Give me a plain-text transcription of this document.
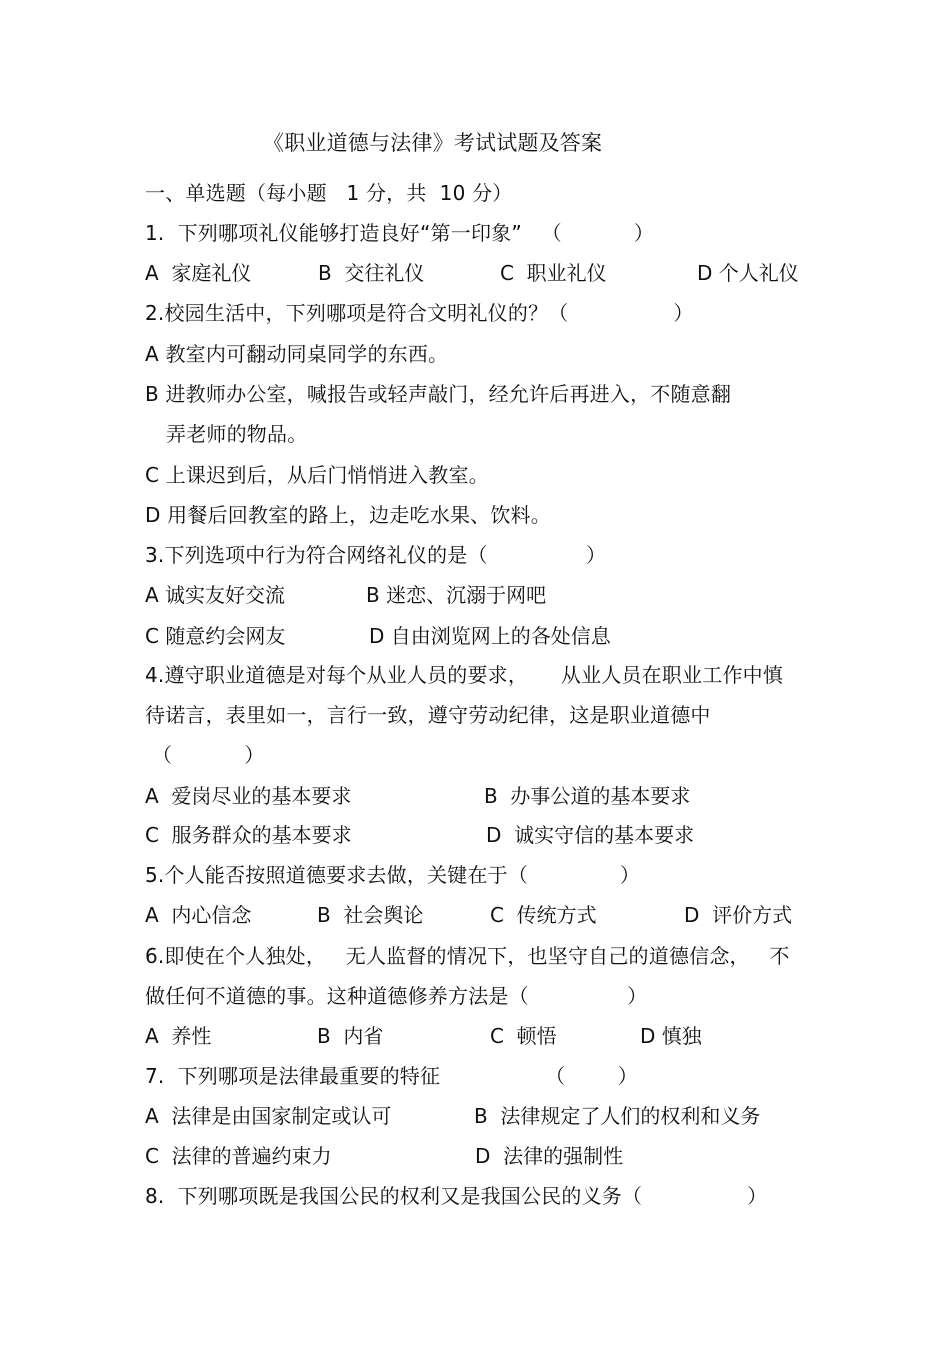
《职业道德与法律》考试试题及答案
一、单选题（每小题   1 分，共  10 分）
1.  下列哪项礼仪能够打造良好“第一印象”   （           ）
A  家庭礼仪	B  交往礼仪	C  职业礼仪	D 个人礼仪
2.校园生活中，下列哪项是符合文明礼仪的？（                ）
A 教室内可翻动同桌同学的东西。
B 进教师办公室，喊报告或轻声敲门，经允许后再进入，不随意翻
弄老师的物品。
C 上课迟到后，从后门悄悄进入教室。
D 用餐后回教室的路上，边走吃水果、饮料。
3.下列选项中行为符合网络礼仪的是（               ）
A 诚实友好交流	B 迷恋、沉溺于网吧
C 随意约会网友	D 自由浏览网上的各处信息
4.遵守职业道德是对每个从业人员的要求，     从业人员在职业工作中慎
待诺言，表里如一，言行一致，遵守劳动纪律，这是职业道德中
（           ）
A  爱岗尽业的基本要求	B  办事公道的基本要求
C  服务群众的基本要求	D  诚实守信的基本要求
5.个人能否按照道德要求去做，关键在于（              ）
A  内心信念	B  社会舆论	C  传统方式	D  评价方式
6.即使在个人独处，   无人监督的情况下，也坚守自己的道德信念，   不
做任何不道德的事。这种道德修养方法是（               ）
A  养性	B  内省	C  顿悟	D 慎独
7.  下列哪项是法律最重要的特征                （        ）
A  法律是由国家制定或认可	B  法律规定了人们的权利和义务
C  法律的普遍约束力	D  法律的强制性
8.  下列哪项既是我国公民的权利又是我国公民的义务（                ）
